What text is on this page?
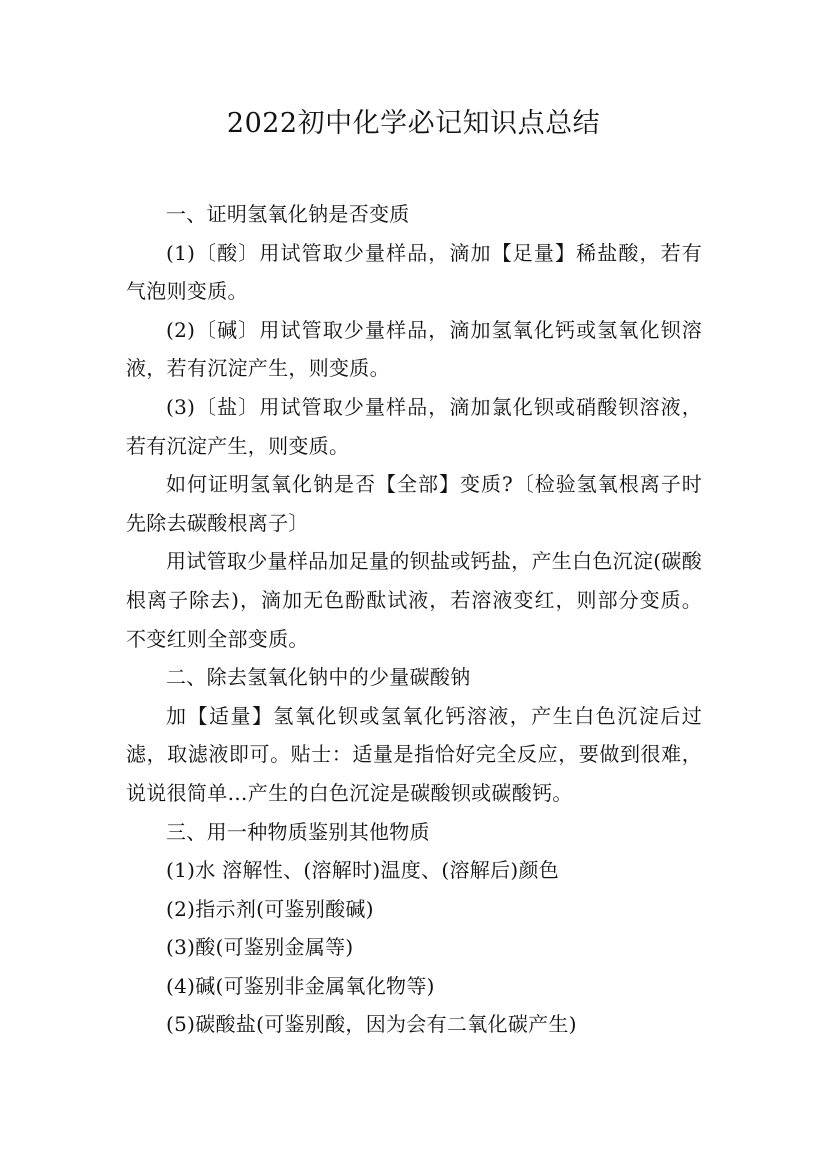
2022初中化学必记知识点总结

一、证明氢氧化钠是否变质

(1)〔酸〕用试管取少量样品，滴加【足量】稀盐酸，若有气泡则变质。

(2)〔碱〕用试管取少量样品，滴加氢氧化钙或氢氧化钡溶液，若有沉淀产生，则变质。

(3)〔盐〕用试管取少量样品，滴加氯化钡或硝酸钡溶液，若有沉淀产生，则变质。

如何证明氢氧化钠是否【全部】变质?〔检验氢氧根离子时先除去碳酸根离子〕

用试管取少量样品加足量的钡盐或钙盐，产生白色沉淀(碳酸根离子除去)，滴加无色酚酞试液，若溶液变红，则部分变质。不变红则全部变质。

二、除去氢氧化钠中的少量碳酸钠

加【适量】氢氧化钡或氢氧化钙溶液，产生白色沉淀后过滤，取滤液即可。贴士：适量是指恰好完全反应，要做到很难，说说很简单…产生的白色沉淀是碳酸钡或碳酸钙。

三、用一种物质鉴别其他物质

(1)水 溶解性、(溶解时)温度、(溶解后)颜色

(2)指示剂(可鉴别酸碱)

(3)酸(可鉴别金属等)

(4)碱(可鉴别非金属氧化物等)

(5)碳酸盐(可鉴别酸，因为会有二氧化碳产生)
